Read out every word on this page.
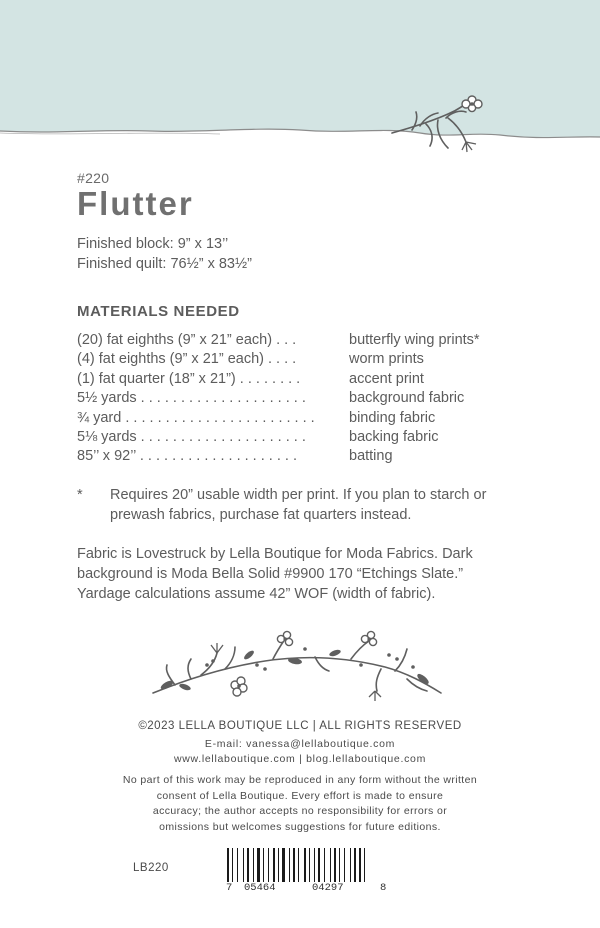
#220
Flutter
Finished block: 9” x 13’’
Finished quilt: 76½” x 83½”
MATERIALS NEEDED
(20) fat eighths (9” x 21” each) . . .	butterfly wing prints*
(4) fat eighths (9” x 21” each) . . . .	worm prints
(1) fat quarter (18” x 21”) . . . . . . . .	accent print
5½ yards . . . . . . . . . . . . . . . . . . . . .	background fabric
¾ yard . . . . . . . . . . . . . . . . . . . . . . . . binding fabric
5⅛ yards . . . . . . . . . . . . . . . . . . . . .	backing fabric
85’’ x 92’’ . . . . . . . . . . . . . . . . . . . .	batting
* Requires 20” usable width per print. If you plan to starch or prewash fabrics, purchase fat quarters instead.

Fabric is Lovestruck by Lella Boutique for Moda Fabrics. Dark

background is Moda Bella Solid #9900 170 “Etchings Slate.”

Yardage calculations assume 42” WOF (width of fabric).

©2023 LELLA BOUTIQUE LLC | ALL RIGHTS RESERVED
E-mail: vanessa@lellaboutique.com
www.lellaboutique.com | blog.lellaboutique.com

No part of this work may be reproduced in any form without the written

consent of Lella Boutique. Every effort is made to ensure

accuracy; the author accepts no responsibility for errors or

omissions but welcomes suggestions for future editions.

LB220
7 05464	04297	8
